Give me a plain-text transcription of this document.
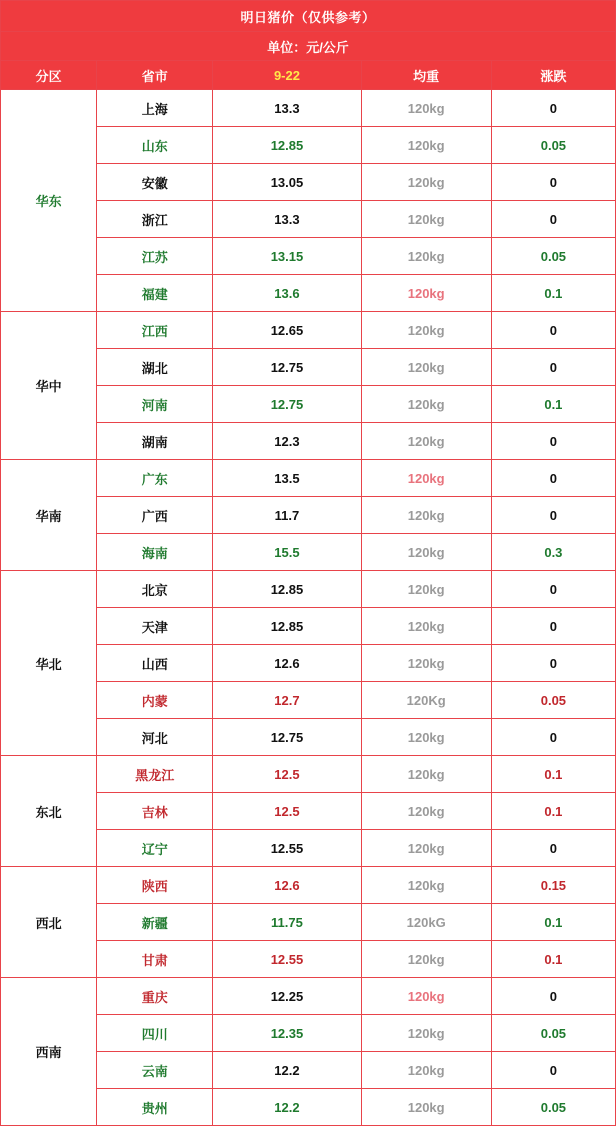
明日猪价（仅供参考）				
单位：元/公斤				
分区	省市	9-22	均重	涨跌
华东	上海	13.3	120kg	0
	山东	12.85	120kg	0.05
	安徽	13.05	120kg	0
	浙江	13.3	120kg	0
	江苏	13.15	120kg	0.05
	福建	13.6	120kg	0.1
华中	江西	12.65	120kg	0
	湖北	12.75	120kg	0
	河南	12.75	120kg	0.1
	湖南	12.3	120kg	0
华南	广东	13.5	120kg	0
	广西	11.7	120kg	0
	海南	15.5	120kg	0.3
华北	北京	12.85	120kg	0
	天津	12.85	120kg	0
	山西	12.6	120kg	0
	内蒙	12.7	120Kg	0.05
	河北	12.75	120kg	0
东北	黑龙江	12.5	120kg	0.1
	吉林	12.5	120kg	0.1
	辽宁	12.55	120kg	0
西北	陕西	12.6	120kg	0.15
	新疆	11.75	120kG	0.1
	甘肃	12.55	120kg	0.1
西南	重庆	12.25	120kg	0
	四川	12.35	120kg	0.05
	云南	12.2	120kg	0
	贵州	12.2	120kg	0.05
